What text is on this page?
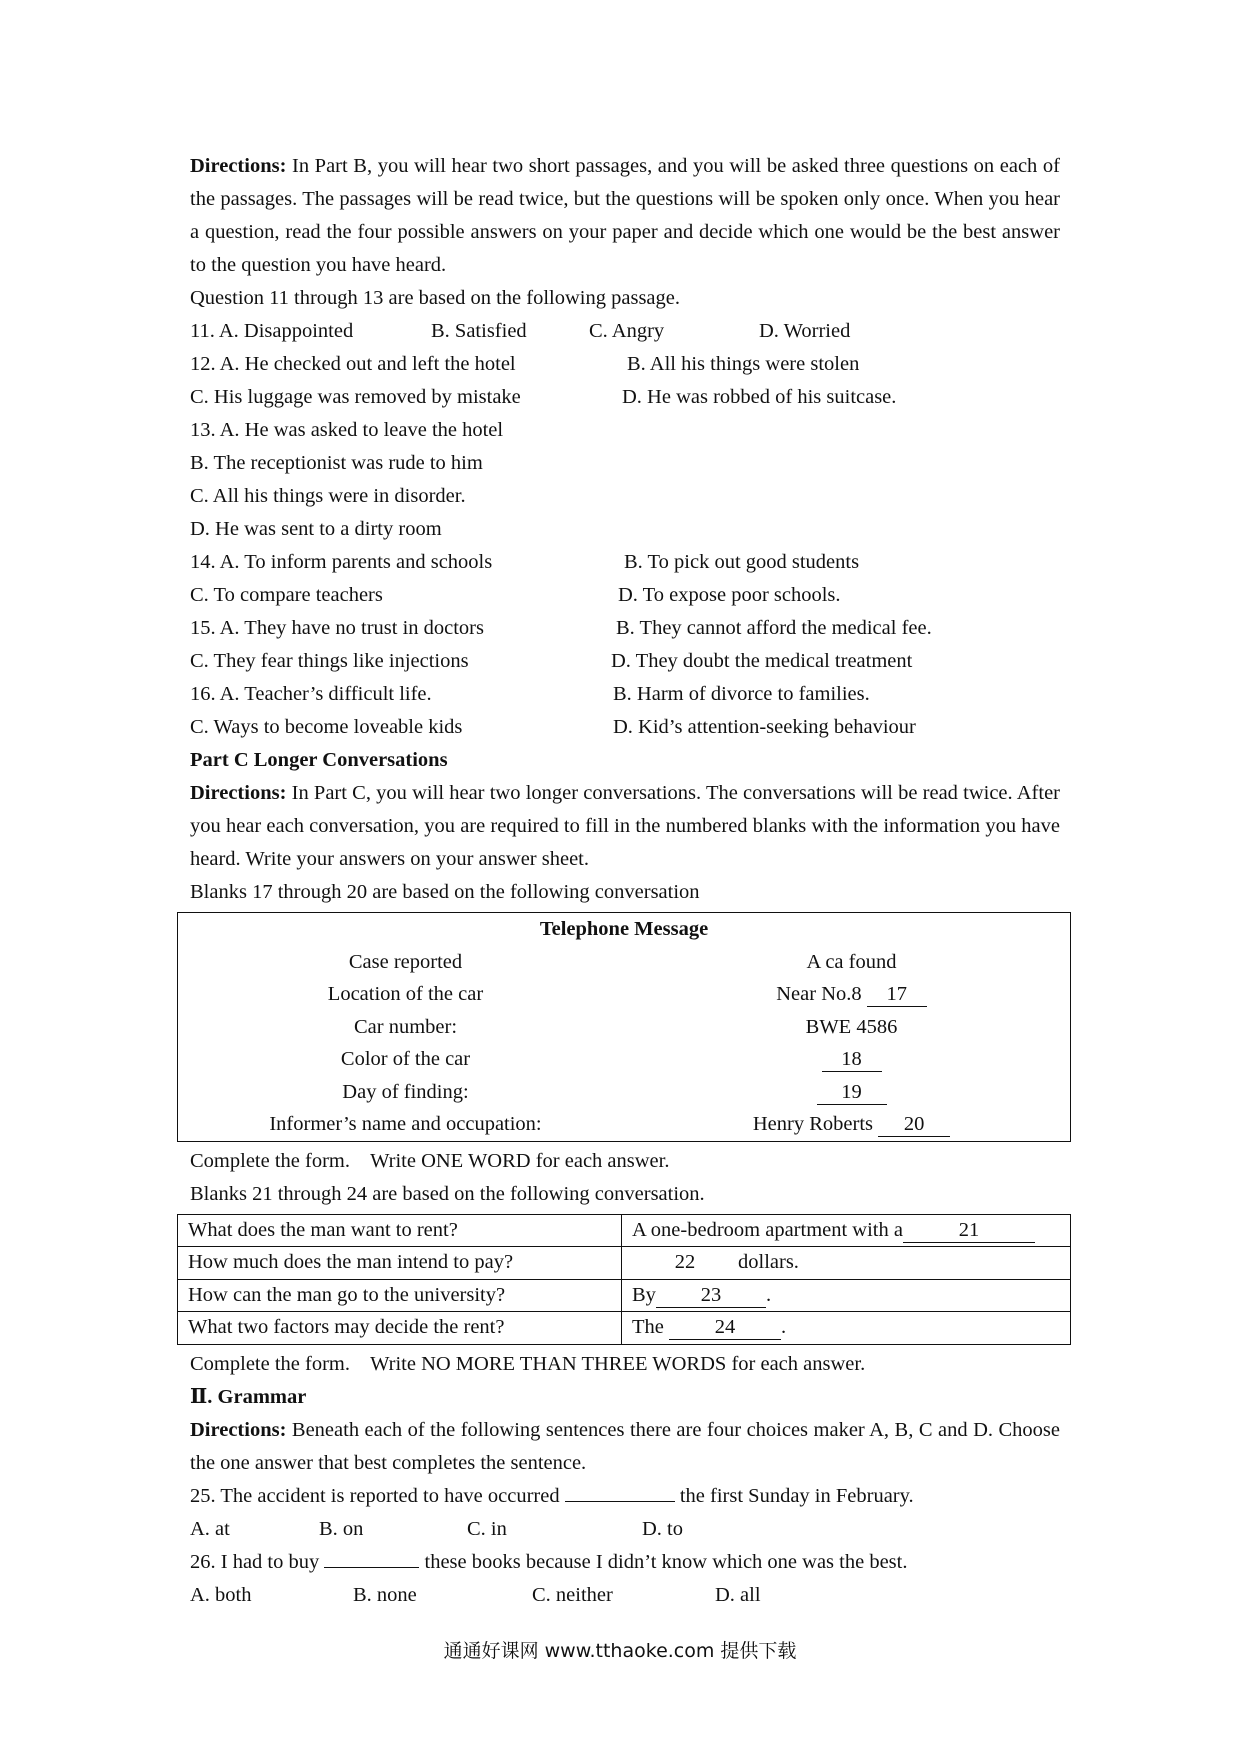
Directions: In Part B, you will hear two short passages, and you will be asked three questions on each of the passages. The passages will be read twice, but the questions will be spoken only once. When you hear a question, read the four possible answers on your paper and decide which one would be the best answer to the question you have heard.

Question 11 through 13 are based on the following passage.

11. A. Disappointed	B. Satisfied	C. Angry	D. Worried
12. A. He checked out and left the hotel	B. All his things were stolen
C. His luggage was removed by mistake	D. He was robbed of his suitcase.
13. A. He was asked to leave the hotel
B. The receptionist was rude to him
C. All his things were in disorder.
D. He was sent to a dirty room
14. A. To inform parents and schools	B. To pick out good students
C. To compare teachers	D. To expose poor schools.
15. A. They have no trust in doctors	B. They cannot afford the medical fee.
C. They fear things like injections	D. They doubt the medical treatment
16. A. Teacher’s difficult life.	B. Harm of divorce to families.
C. Ways to become loveable kids	D. Kid’s attention-seeking behaviour
Part C Longer Conversations

Directions: In Part C, you will hear two longer conversations. The conversations will be read twice. After you hear each conversation, you are required to fill in the numbered blanks with the information you have heard. Write your answers on your answer sheet.

Blanks 17 through 20 are based on the following conversation

Telephone Message	
Case reported	A ca found
Location of the car	Near No.8 17
Car number:	BWE 4586
Color of the car	18
Day of finding:	19
Informer’s name and occupation:	Henry Roberts 20

Complete the form.    Write ONE WORD for each answer.

Blanks 21 through 24 are based on the following conversation.

What does the man want to rent?	A one-bedroom apartment with a 21
How much does the man intend to pay?	22 dollars.
How can the man go to the university?	By 23 .
What two factors may decide the rent?	The 24 .

Complete the form.    Write NO MORE THAN THREE WORDS for each answer.

Ⅱ. Grammar

Directions: Beneath each of the following sentences there are four choices maker A, B, C and D. Choose the one answer that best completes the sentence.

25. The accident is reported to have occurred	the first Sunday in February.

A. at	B. on	C. in	D. to

26. I had to buy	these books because I didn’t know which one was the best.

A. both	B. none	C. neither	D. all
通通好课网 www.tthaoke.com 提供下载
